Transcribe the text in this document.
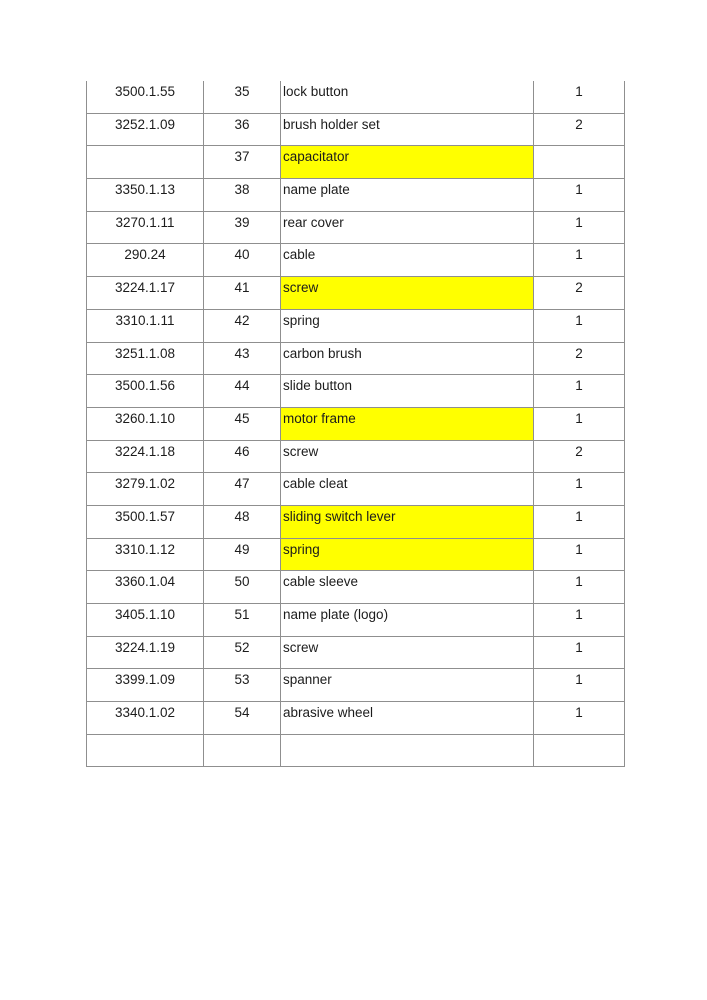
3500.1.55	35	lock button	1
3252.1.09	36	brush holder set	2
	37	capacitator	
3350.1.13	38	name plate	1
3270.1.11	39	rear cover	1
290.24	40	cable	1
3224.1.17	41	screw	2
3310.1.11	42	spring	1
3251.1.08	43	carbon brush	2
3500.1.56	44	slide button	1
3260.1.10	45	motor frame	1
3224.1.18	46	screw	2
3279.1.02	47	cable cleat	1
3500.1.57	48	sliding switch lever	1
3310.1.12	49	spring	1
3360.1.04	50	cable sleeve	1
3405.1.10	51	name plate (logo)	1
3224.1.19	52	screw	1
3399.1.09	53	spanner	1
3340.1.02	54	abrasive wheel	1
